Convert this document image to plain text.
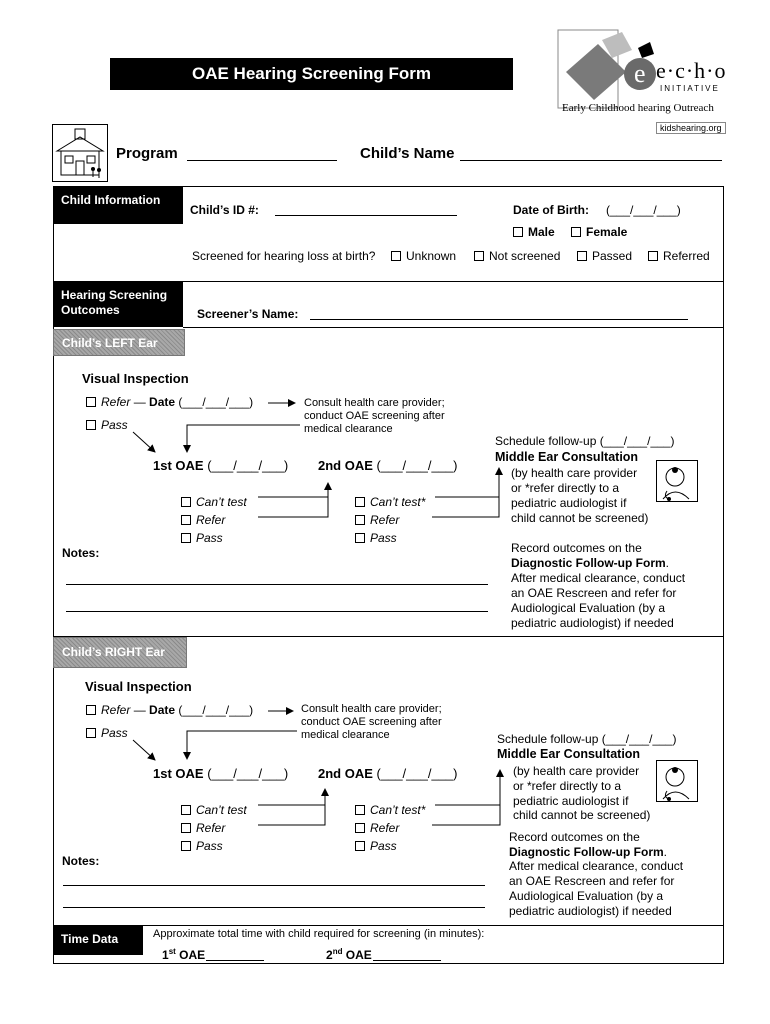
OAE Hearing Screening Form	e e·c·h·o
INITIATIVE
Early Childhood hearing Outreach
kidshearing.org
Program	Child’s Name
Child Information
Child’s ID #:	Date of Birth: (___/___/___)
Male	Female
Screened for hearing loss at birth?	Unknown	Not screened	Passed	Referred
Hearing Screening
Outcomes	Screener’s Name:
Child’s LEFT Ear
Visual Inspection
Refer — Date (___/___/___)
Pass
Consult health care provider;
conduct OAE screening after
medical clearance
1st OAE (___/___/___) 2nd OAE (___/___/___)
Can’t test
Refer
Pass
Can’t test*
Refer
Pass
Schedule follow-up (___/___/___)
Middle Ear Consultation
(by health care provider
or *refer directly to a
pediatric audiologist if
child cannot be screened)
Record outcomes on the
Diagnostic Follow-up Form.
After medical clearance, conduct
an OAE Rescreen and refer for
Audiological Evaluation (by a
pediatric audiologist) if needed
Notes:
Child’s RIGHT Ear
Visual Inspection
Refer — Date (___/___/___)
Pass
Consult health care provider;
conduct OAE screening after
medical clearance
1st OAE (___/___/___) 2nd OAE (___/___/___)
Can’t test
Refer
Pass
Can’t test*
Refer
Pass
Schedule follow-up (___/___/___)
Middle Ear Consultation
(by health care provider
or *refer directly to a
pediatric audiologist if
child cannot be screened)
Record outcomes on the
Diagnostic Follow-up Form.
After medical clearance, conduct
an OAE Rescreen and refer for
Audiological Evaluation (by a
pediatric audiologist) if needed
Notes:
Time Data	Approximate total time with child required for screening (in minutes):
1st OAE	2nd OAE
